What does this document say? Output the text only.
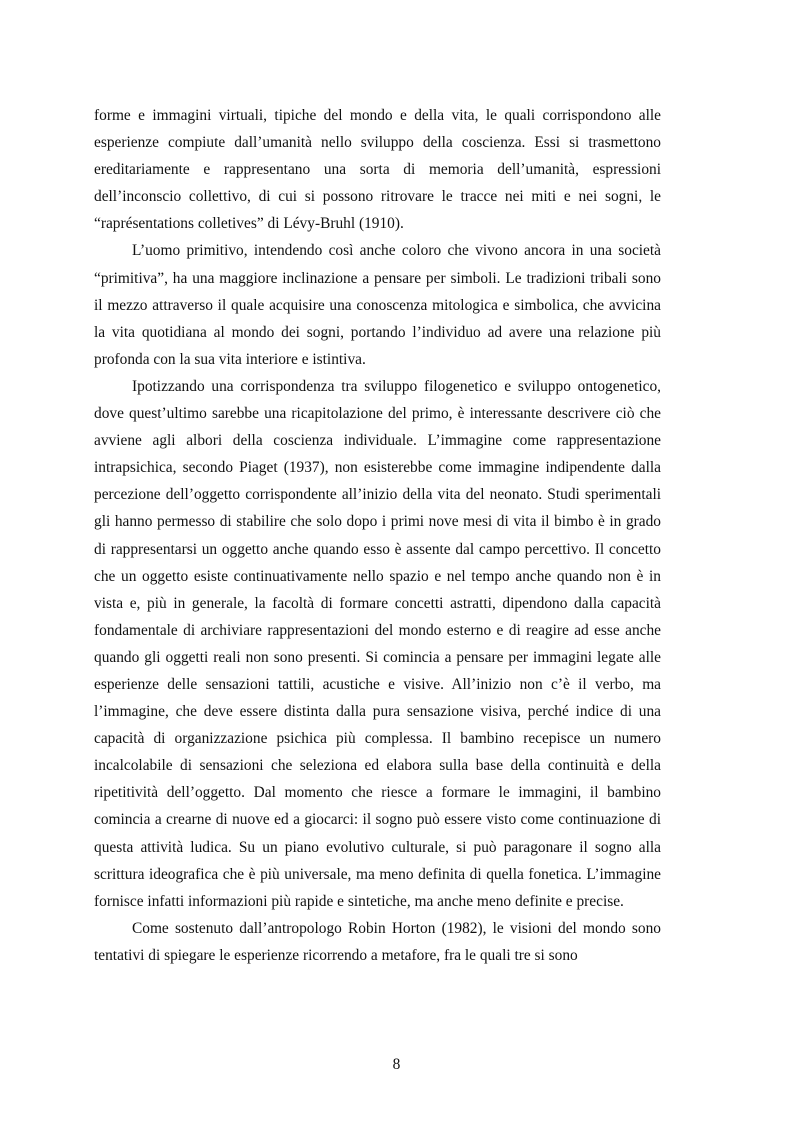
forme e immagini virtuali, tipiche del mondo e della vita, le quali corrispondono alle esperienze compiute dall’umanità nello sviluppo della coscienza. Essi si trasmettono ereditariamente e rappresentano una sorta di memoria dell’umanità, espressioni dell’inconscio collettivo, di cui si possono ritrovare le tracce nei miti e nei sogni, le “raprésentations colletives” di Lévy-Bruhl (1910).

L’uomo primitivo, intendendo così anche coloro che vivono ancora in una società “primitiva”, ha una maggiore inclinazione a pensare per simboli. Le tradizioni tribali sono il mezzo attraverso il quale acquisire una conoscenza mitologica e simbolica, che avvicina la vita quotidiana al mondo dei sogni, portando l’individuo ad avere una relazione più profonda con la sua vita interiore e istintiva.

Ipotizzando una corrispondenza tra sviluppo filogenetico e sviluppo ontogenetico, dove quest’ultimo sarebbe una ricapitolazione del primo, è interessante descrivere ciò che avviene agli albori della coscienza individuale. L’immagine come rappresentazione intrapsichica, secondo Piaget (1937), non esisterebbe come immagine indipendente dalla percezione dell’oggetto corrispondente all’inizio della vita del neonato. Studi sperimentali gli hanno permesso di stabilire che solo dopo i primi nove mesi di vita il bimbo è in grado di rappresentarsi un oggetto anche quando esso è assente dal campo percettivo. Il concetto che un oggetto esiste continuativamente nello spazio e nel tempo anche quando non è in vista e, più in generale, la facoltà di formare concetti astratti, dipendono dalla capacità fondamentale di archiviare rappresentazioni del mondo esterno e di reagire ad esse anche quando gli oggetti reali non sono presenti. Si comincia a pensare per immagini legate alle esperienze delle sensazioni tattili, acustiche e visive. All’inizio non c’è il verbo, ma l’immagine, che deve essere distinta dalla pura sensazione visiva, perché indice di una capacità di organizzazione psichica più complessa. Il bambino recepisce un numero incalcolabile di sensazioni che seleziona ed elabora sulla base della continuità e della ripetitività dell’oggetto. Dal momento che riesce a formare le immagini, il bambino comincia a crearne di nuove ed a giocarci: il sogno può essere visto come continuazione di questa attività ludica. Su un piano evolutivo culturale, si può paragonare il sogno alla scrittura ideografica che è più universale, ma meno definita di quella fonetica. L’immagine fornisce infatti informazioni più rapide e sintetiche, ma anche meno definite e precise.

Come sostenuto dall’antropologo Robin Horton (1982), le visioni del mondo sono tentativi di spiegare le esperienze ricorrendo a metafore, fra le quali tre si sono

8
